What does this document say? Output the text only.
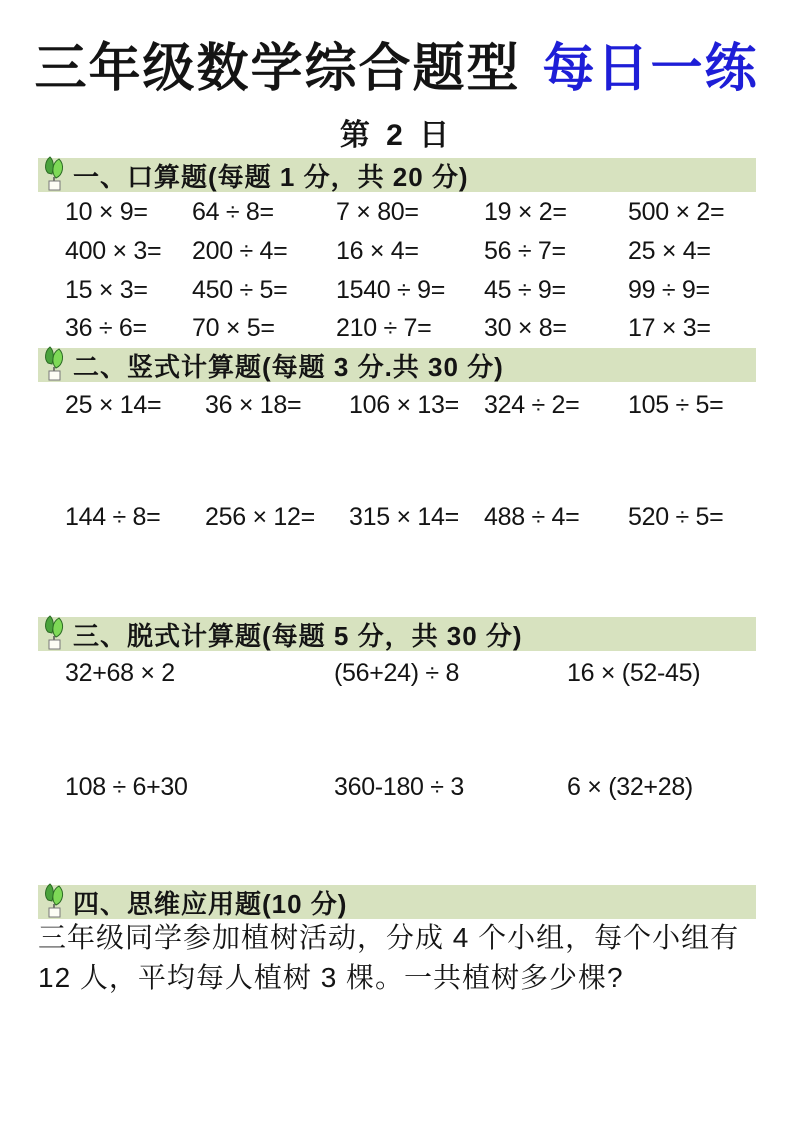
三年级数学综合题型 每日一练
第 2 日
一、口算题(每题 1 分，共 20 分)
10 × 9=	64 ÷ 8=	7 × 80=	19 × 2=	500 × 2=
400 × 3=	200 ÷ 4=	16 × 4=	56 ÷ 7=	25 × 4=
15 × 3=	450 ÷ 5=	1540 ÷ 9=	45 ÷ 9=	99 ÷ 9=
36 ÷ 6=	70 × 5=	210 ÷ 7=	30 × 8=	17 × 3=
二、竖式计算题(每题 3 分.共 30 分)
25 × 14=	36 × 18=	106 × 13=	324 ÷ 2=	105 ÷ 5=
144 ÷ 8=	256 × 12=	315 × 14=	488 ÷ 4=	520 ÷ 5=
三、脱式计算题(每题 5 分，共 30 分)
32+68 × 2	(56+24) ÷ 8	16 × (52-45)
108 ÷ 6+30	360-180 ÷ 3	6 × (32+28)
四、思维应用题(10 分)
三年级同学参加植树活动，分成 4 个小组，每个小组有 12 人，平均每人植树 3 棵。一共植树多少棵?
